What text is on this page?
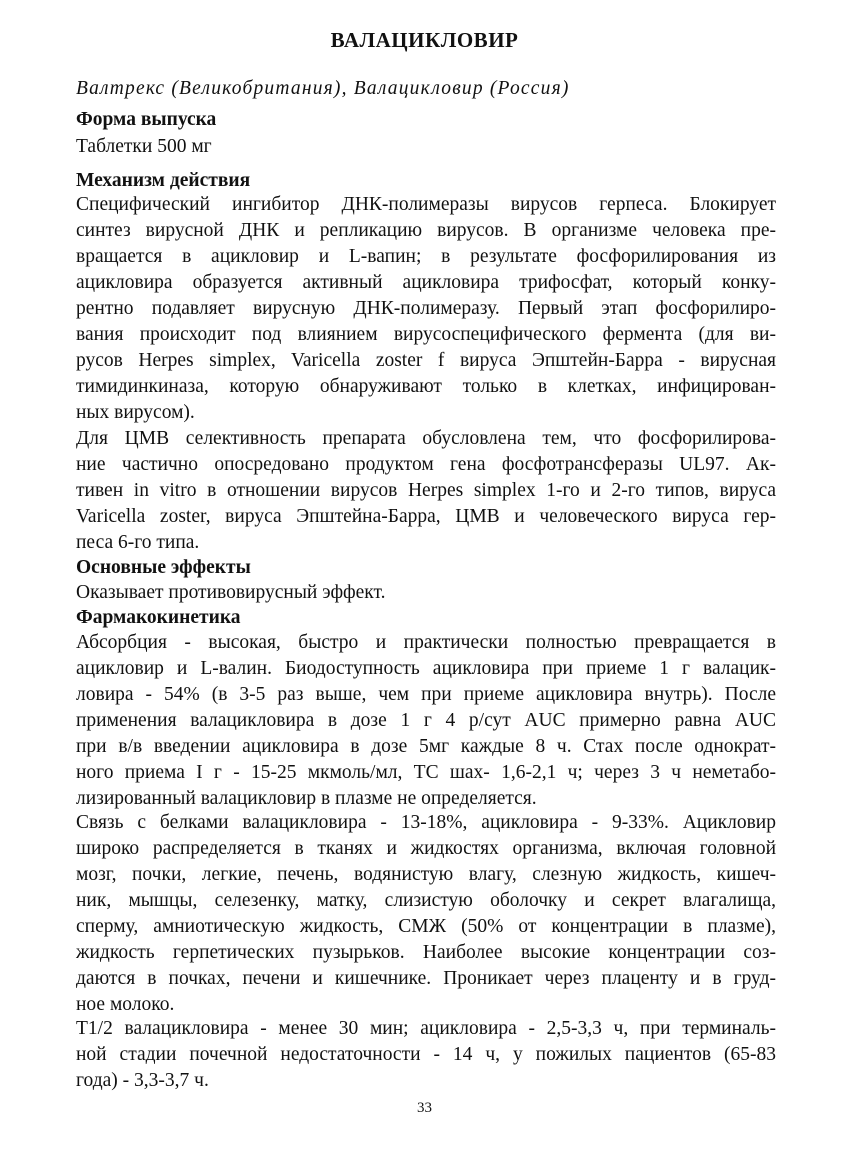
ВАЛАЦИКЛОВИР
Валтрекс (Великобритания), Валацикловир (Россия)
Форма выпуска
Таблетки 500 мг
Механизм действия
Специфический ингибитор ДНК-полимеразы вирусов герпеса. Блокирует
синтез вирусной ДНК и репликацию вирусов. В организме человека пре-
вращается в ацикловир и L-вапин; в результате фосфорилирования из
ацикловира образуется активный ацикловира трифосфат, который конку-
рентно подавляет вирусную ДНК-полимеразу. Первый этап фосфорилиро-
вания происходит под влиянием вирусоспецифического фермента (для ви-
русов Herpes simplex, Varicella zoster f вируса Эпштейн-Барра - вирусная
тимидинкиназа, которую обнаруживают только в клетках, инфицирован-
ных вирусом).
Для ЦМВ селективность препарата обусловлена тем, что фосфорилирова-
ние частично опосредовано продуктом гена фосфотрансферазы UL97. Ак-
тивен in vitro в отношении вирусов Herpes simplex 1-го и 2-го типов, вируса
Varicella zoster, вируса Эпштейна-Барра, ЦМВ и человеческого вируса гер-
песа 6-го типа.
Основные эффекты
Оказывает противовирусный эффект.
Фармакокинетика
Абсорбция - высокая, быстро и практически полностью превращается в
ацикловир и L-валин. Биодоступность ацикловира при приеме 1 г валацик-
ловира - 54% (в 3-5 раз выше, чем при приеме ацикловира внутрь). После
применения валацикловира в дозе 1 г 4 р/сут AUC примерно равна AUC
при в/в введении ацикловира в дозе 5мг каждые 8 ч. Стах после однократ-
ного приема I г - 15-25 мкмоль/мл, ТС шах- 1,6-2,1 ч; через 3 ч неметабо-
лизированный валацикловир в плазме не определяется.
Связь с белками валацикловира - 13-18%, ацикловира - 9-33%. Ацикловир
широко распределяется в тканях и жидкостях организма, включая головной
мозг, почки, легкие, печень, водянистую влагу, слезную жидкость, кишеч-
ник, мышцы, селезенку, матку, слизистую оболочку и секрет влагалища,
сперму, амниотическую жидкость, СМЖ (50% от концентрации в плазме),
жидкость герпетических пузырьков. Наиболее высокие концентрации соз-
даются в почках, печени и кишечнике. Проникает через плаценту и в груд-
ное молоко.
Т1/2 валацикловира - менее 30 мин; ацикловира - 2,5-3,3 ч, при терминаль-
ной стадии почечной недостаточности - 14 ч, у пожилых пациентов (65-83
года) - 3,3-3,7 ч.
33
